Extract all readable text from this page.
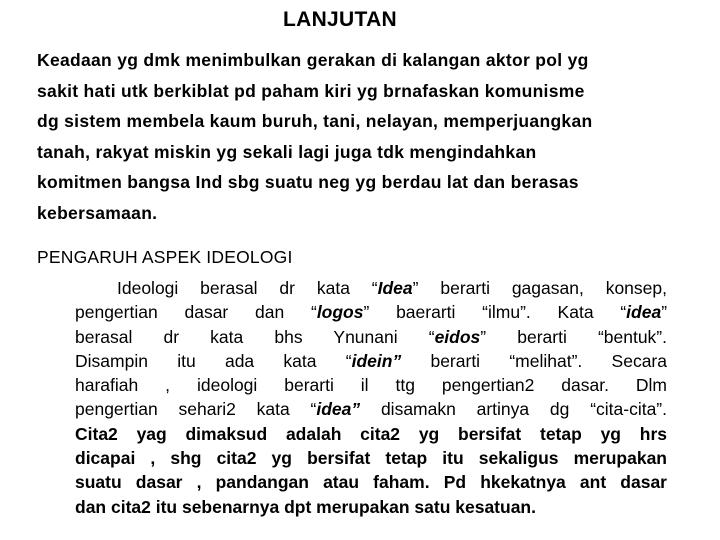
LANJUTAN

Keadaan yg dmk menimbulkan gerakan di kalangan aktor pol yg
sakit hati utk berkiblat pd paham kiri yg brnafaskan komunisme
dg sistem membela kaum buruh, tani, nelayan, memperjuangkan
tanah, rakyat miskin yg sekali lagi juga tdk mengindahkan
komitmen bangsa Ind sbg suatu neg yg berdau lat dan berasas
kebersamaan.

PENGARUH ASPEK IDEOLOGI

Ideologi berasal dr kata “Idea” berarti gagasan, konsep,
pengertian dasar dan “logos” baerarti “ilmu”. Kata “idea”
berasal dr kata bhs Ynunani “eidos” berarti “bentuk”.
Disampin itu ada kata “idein” berarti “melihat”. Secara
harafiah , ideologi berarti il ttg pengertian2 dasar. Dlm
pengertian sehari2 kata “idea” disamakn artinya dg “cita-cita”.
Cita2 yag dimaksud adalah cita2 yg bersifat tetap yg hrs
dicapai , shg cita2 yg bersifat tetap itu sekaligus merupakan
suatu dasar , pandangan atau faham. Pd hkekatnya ant dasar
dan cita2 itu sebenarnya dpt merupakan satu kesatuan.
